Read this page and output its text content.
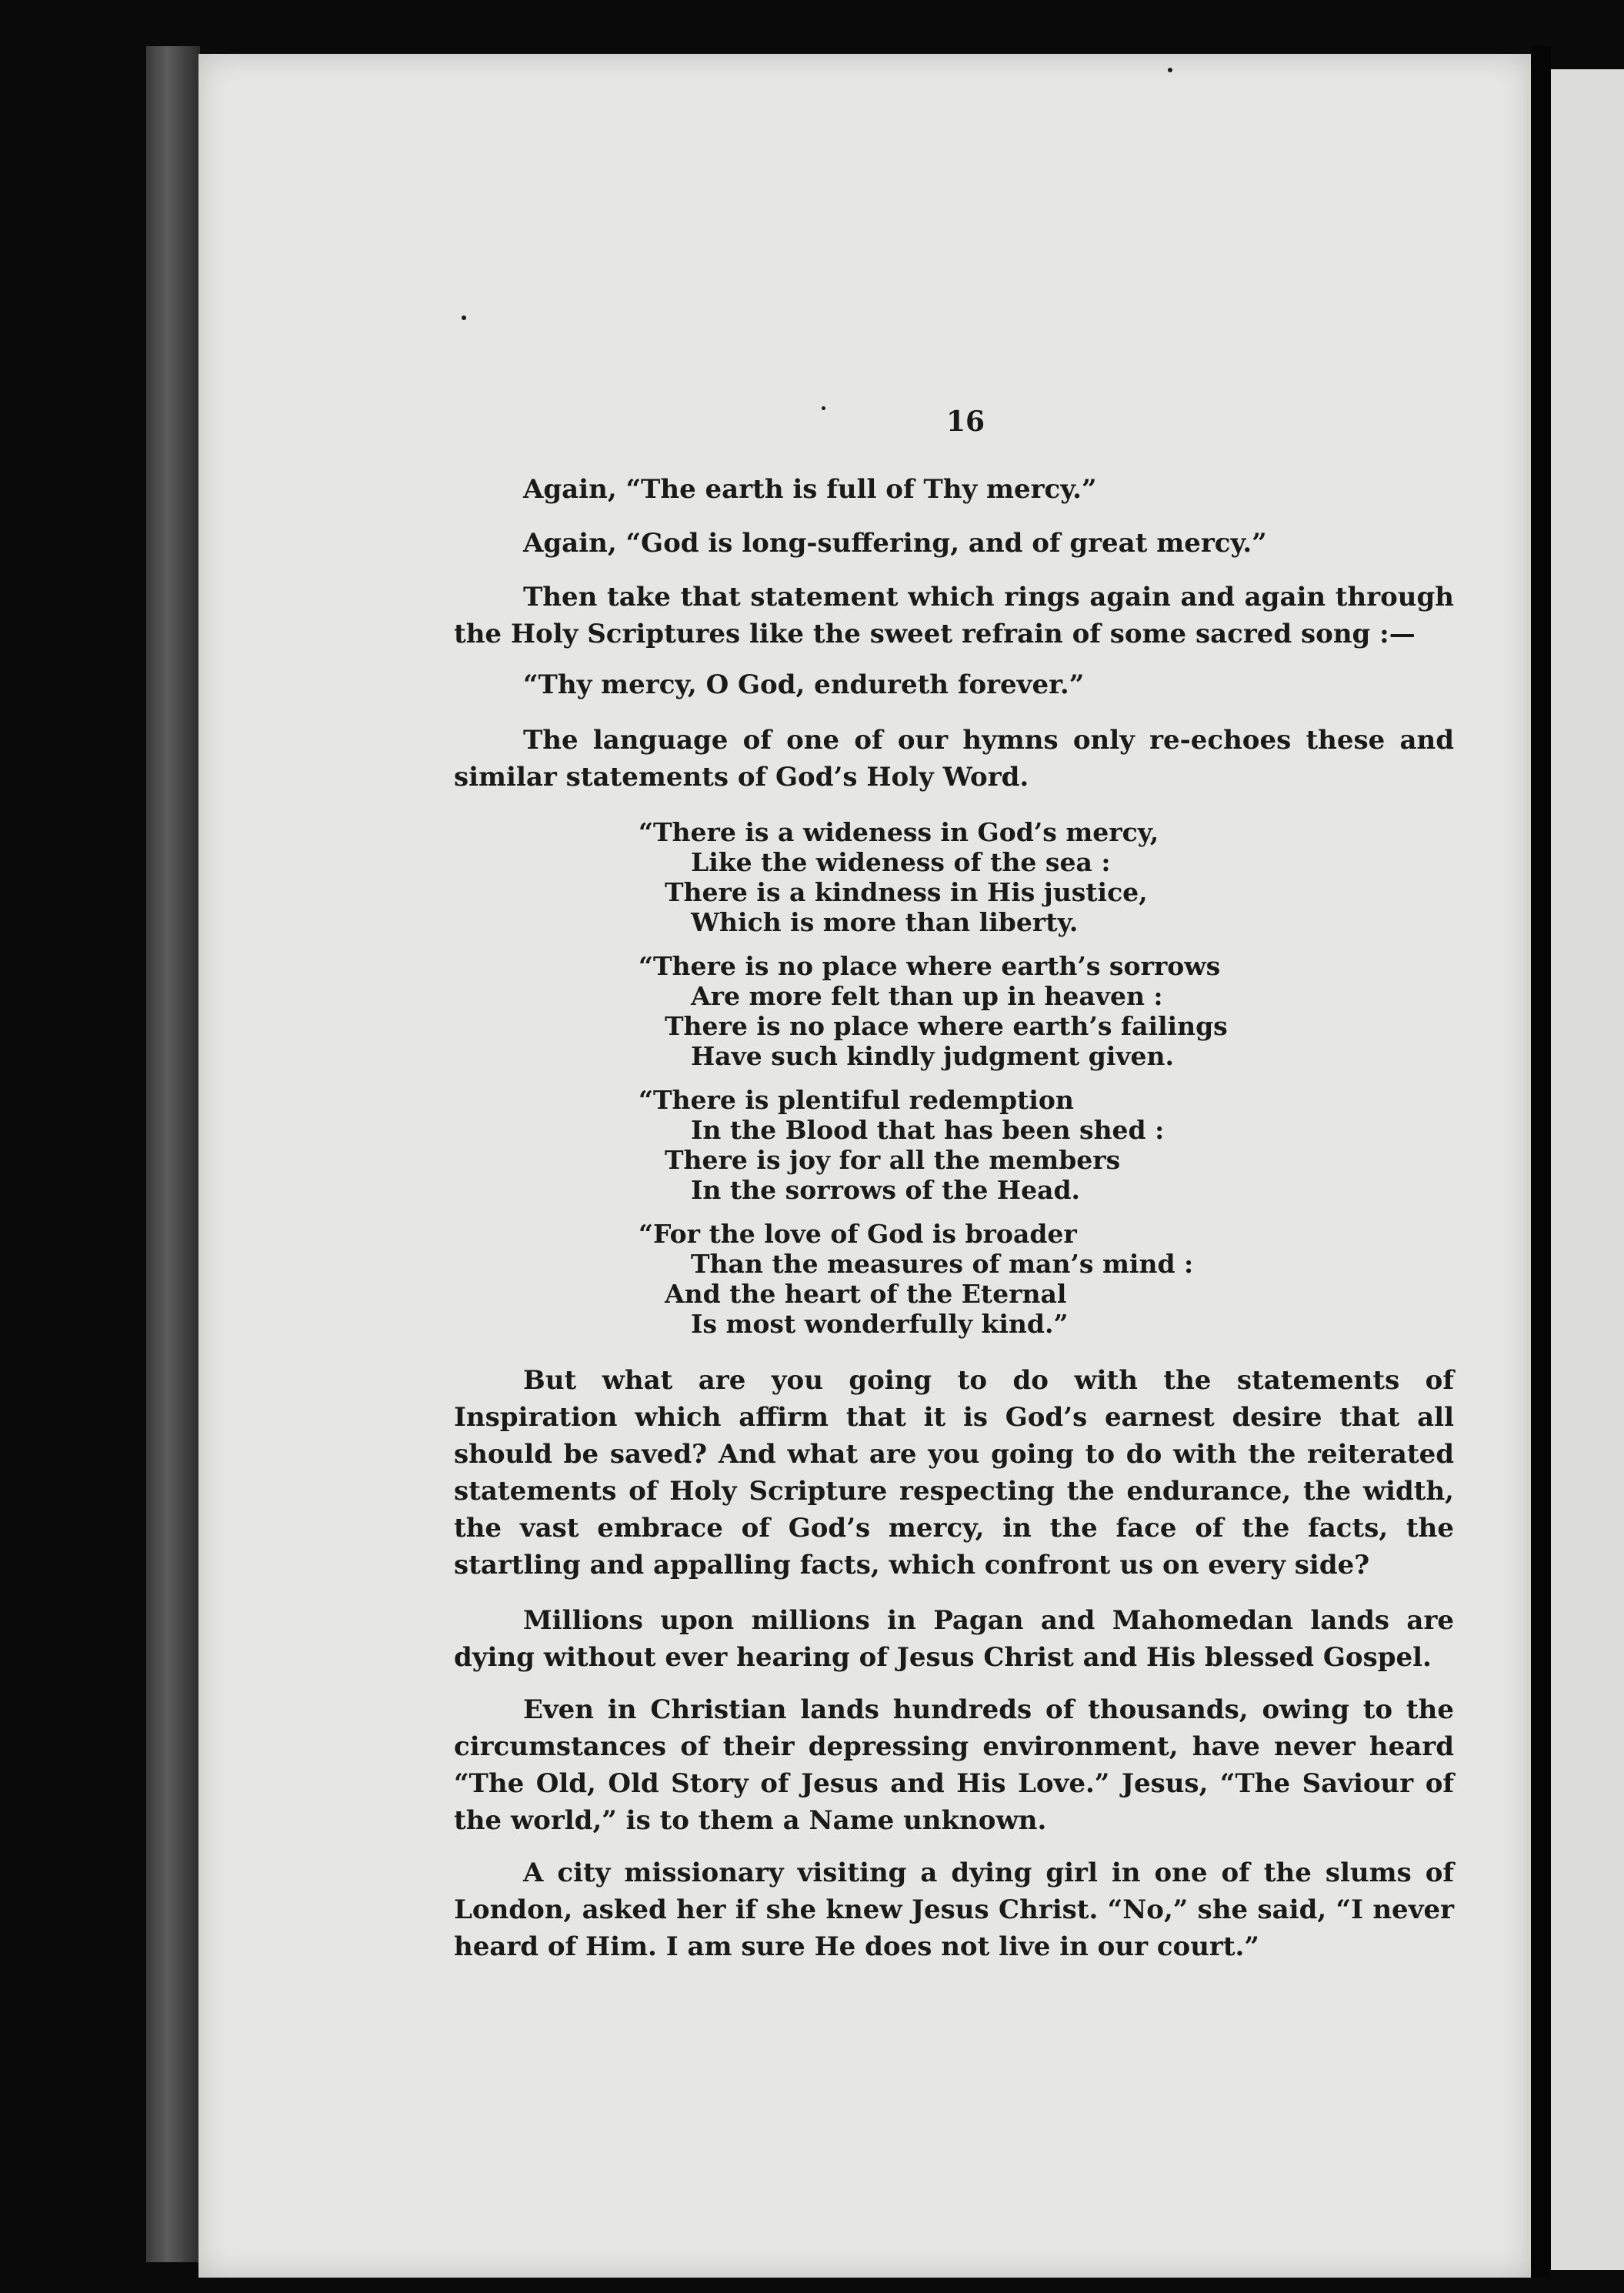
16
Again, “The earth is full of Thy mercy.”
Again, “God is long-suffering, and of great mercy.”
Then take that statement which rings again and again through the Holy Scriptures like the sweet refrain of some sacred song :—
“Thy mercy, O God, endureth forever.”
The language of one of our hymns only re-echoes these and similar statements of God’s Holy Word.
“There is a wideness in God’s mercy,
Like the wideness of the sea :
There is a kindness in His justice,
Which is more than liberty.
“There is no place where earth’s sorrows
Are more felt than up in heaven :
There is no place where earth’s failings
Have such kindly judgment given.
“There is plentiful redemption
In the Blood that has been shed :
There is joy for all the members
In the sorrows of the Head.
“For the love of God is broader
Than the measures of man’s mind :
And the heart of the Eternal
Is most wonderfully kind.”
But what are you going to do with the statements of Inspiration which affirm that it is God’s earnest desire that all should be saved? And what are you going to do with the reiterated statements of Holy Scripture respecting the endurance, the width, the vast embrace of God’s mercy, in the face of the facts, the startling and appalling facts, which confront us on every side?
Millions upon millions in Pagan and Mahomedan lands are dying without ever hearing of Jesus Christ and His blessed Gospel.
Even in Christian lands hundreds of thousands, owing to the circumstances of their depressing environment, have never heard “The Old, Old Story of Jesus and His Love.” Jesus, “The Saviour of the world,” is to them a Name unknown.
A city missionary visiting a dying girl in one of the slums of London, asked her if she knew Jesus Christ. “No,” she said, “I never heard of Him. I am sure He does not live in our court.”
